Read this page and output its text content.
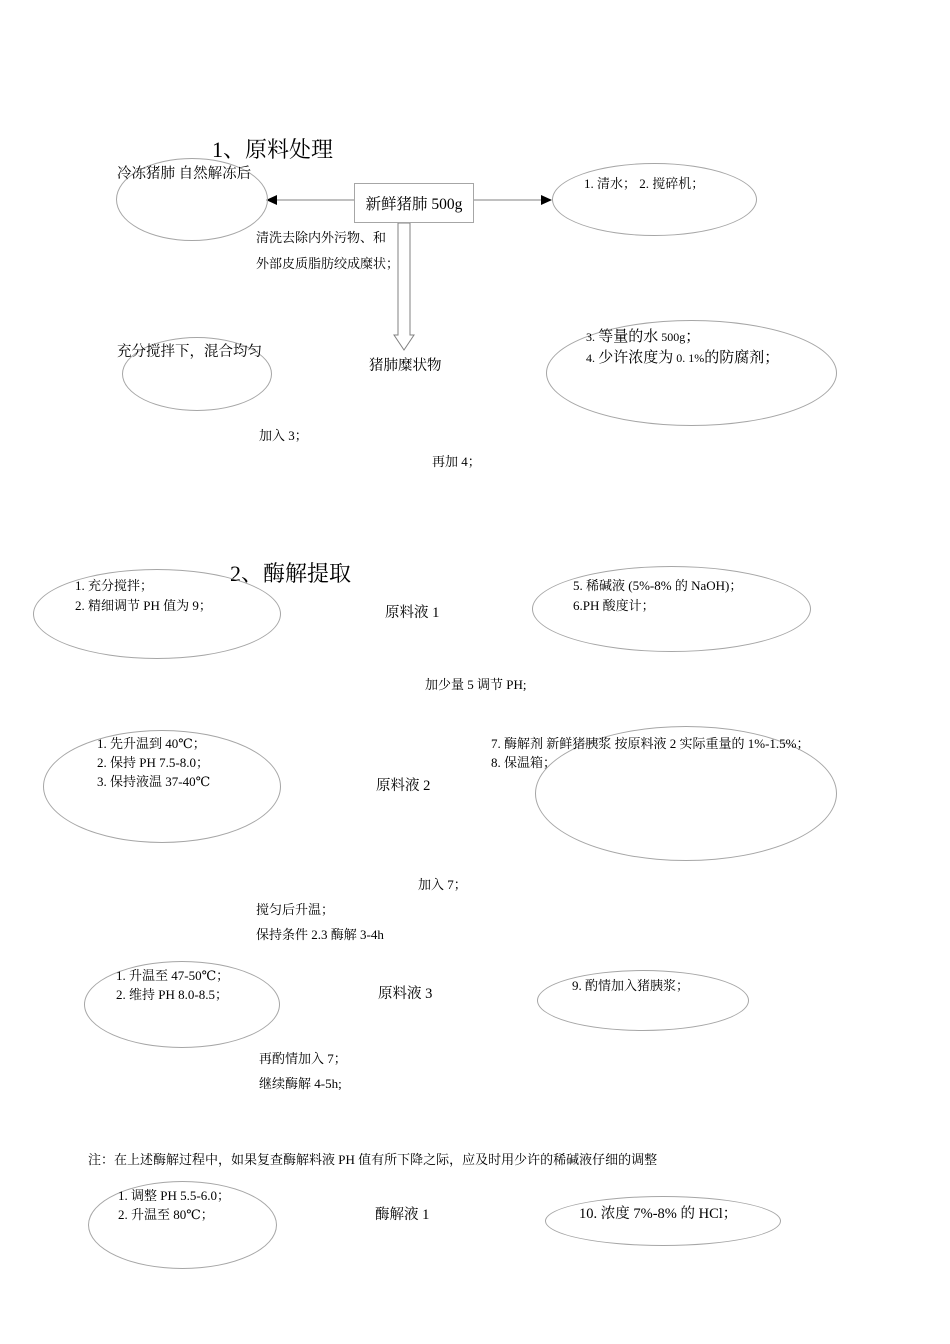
1、原料处理
2、酶解提取
冷冻猪肺 自然解冻后
新鲜猪肺 500g
1. 清水； 2. 搅碎机；
清洗去除内外污物、和
外部皮质脂肪绞成糜状；
猪肺糜状物
充分搅拌下，混合均匀
3. 等量的水 500g；
4. 少许浓度为 0. 1%的防腐剂；
加入 3；
再加 4；
1. 充分搅拌；
2. 精细调节 PH 值为 9；	原料液 1
5. 稀碱液 (5%-8% 的 NaOH)；
6.PH 酸度计；
加少量 5 调节 PH;
1. 先升温到 40℃；
2. 保持 PH 7.5-8.0；
3. 保持液温 37-40℃	原料液 2
7. 酶解剂 新鲜猪胰浆 按原料液 2 实际重量的 1%-1.5%；
8. 保温箱；
加入 7；
搅匀后升温；
保持条件 2.3 酶解 3-4h
1. 升温至 47-50℃；
2. 维持 PH 8.0-8.5；	原料液 3
9. 酌情加入猪胰浆；
再酌情加入 7；
继续酶解 4-5h;
注：在上述酶解过程中，如果复查酶解料液 PH 值有所下降之际，应及时用少许的稀碱液仔细的调整
1. 调整 PH 5.5-6.0；
2. 升温至 80℃；	酶解液 1	10. 浓度 7%-8% 的 HCl；
